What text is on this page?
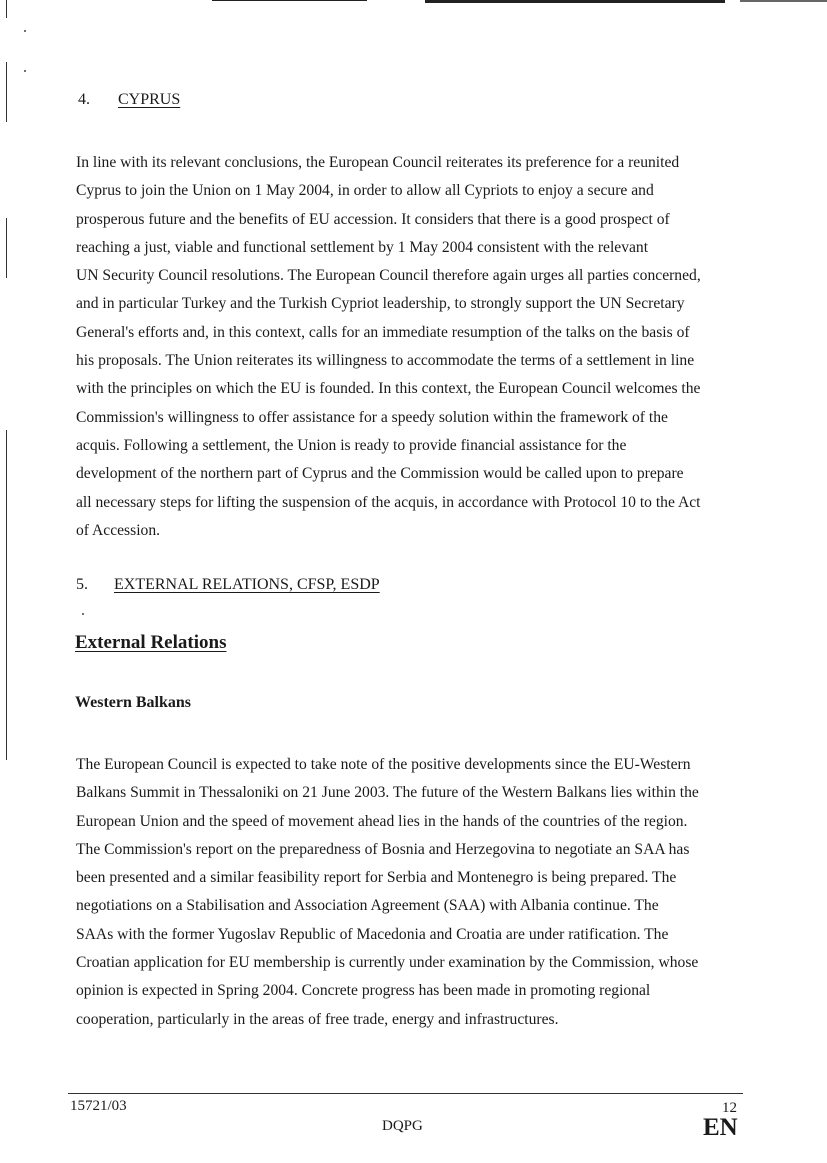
4. CYPRUS

In line with its relevant conclusions, the European Council reiterates its preference for a reunited
Cyprus to join the Union on 1 May 2004, in order to allow all Cypriots to enjoy a secure and
prosperous future and the benefits of EU accession. It considers that there is a good prospect of
reaching a just, viable and functional settlement by 1 May 2004 consistent with the relevant
UN Security Council resolutions. The European Council therefore again urges all parties concerned,
and in particular Turkey and the Turkish Cypriot leadership, to strongly support the UN Secretary
General's efforts and, in this context, calls for an immediate resumption of the talks on the basis of
his proposals. The Union reiterates its willingness to accommodate the terms of a settlement in line
with the principles on which the EU is founded. In this context, the European Council welcomes the
Commission's willingness to offer assistance for a speedy solution within the framework of the
acquis. Following a settlement, the Union is ready to provide financial assistance for the
development of the northern part of Cyprus and the Commission would be called upon to prepare
all necessary steps for lifting the suspension of the acquis, in accordance with Protocol 10 to the Act
of Accession.

5. EXTERNAL RELATIONS, CFSP, ESDP
External Relations
Western Balkans

The European Council is expected to take note of the positive developments since the EU-Western
Balkans Summit in Thessaloniki on 21 June 2003. The future of the Western Balkans lies within the
European Union and the speed of movement ahead lies in the hands of the countries of the region.
The Commission's report on the preparedness of Bosnia and Herzegovina to negotiate an SAA has
been presented and a similar feasibility report for Serbia and Montenegro is being prepared. The
negotiations on a Stabilisation and Association Agreement (SAA) with Albania continue. The
SAAs with the former Yugoslav Republic of Macedonia and Croatia are under ratification. The
Croatian application for EU membership is currently under examination by the Commission, whose
opinion is expected in Spring 2004. Concrete progress has been made in promoting regional
cooperation, particularly in the areas of free trade, energy and infrastructures.

15721/03
DQPG
12
EN
